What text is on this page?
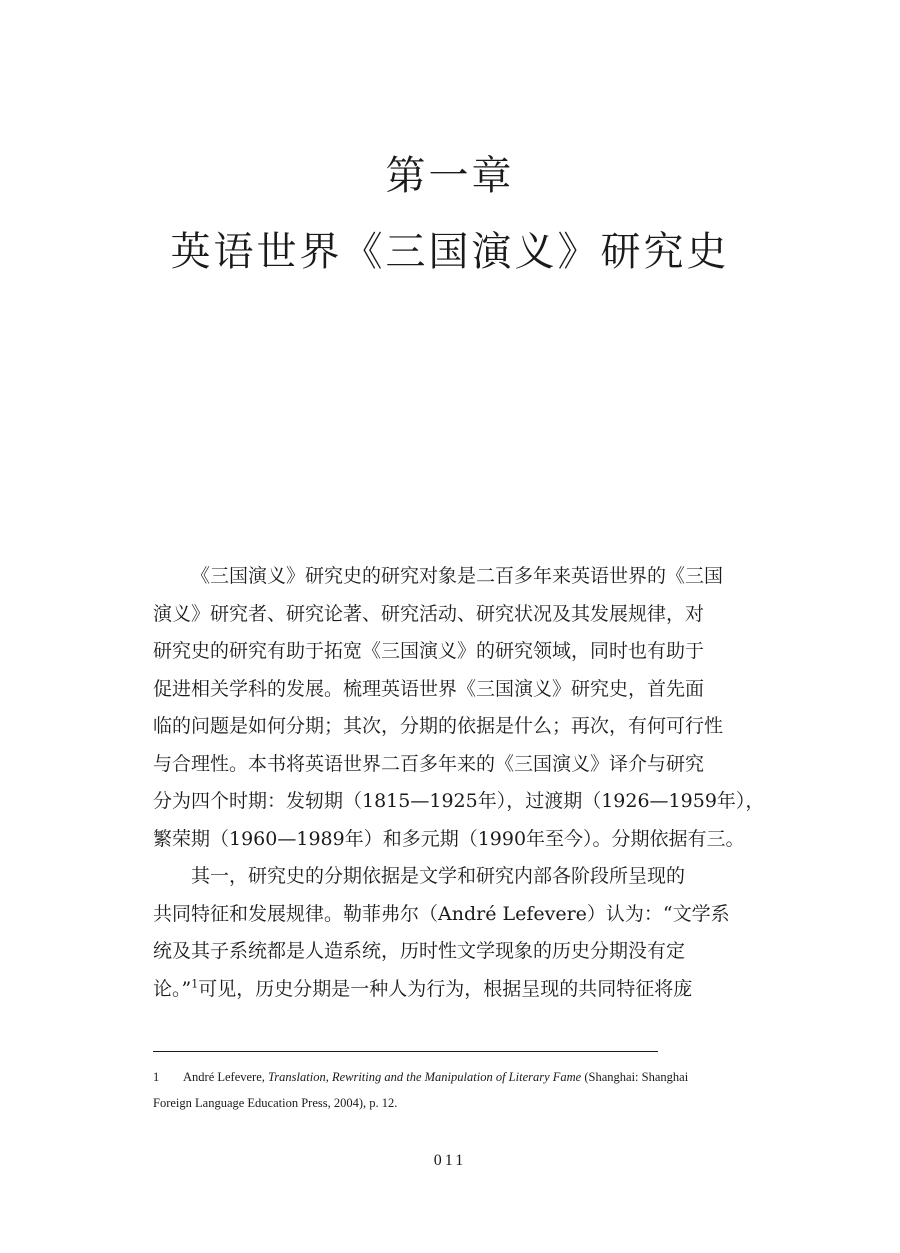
第一章
英语世界《三国演义》研究史
《三国演义》研究史的研究对象是二百多年来英语世界的《三国
演义》研究者、研究论著、研究活动、研究状况及其发展规律，对
研究史的研究有助于拓宽《三国演义》的研究领域，同时也有助于
促进相关学科的发展。梳理英语世界《三国演义》研究史，首先面
临的问题是如何分期；其次，分期的依据是什么；再次，有何可行性
与合理性。本书将英语世界二百多年来的《三国演义》译介与研究
分为四个时期：发轫期（1815—1925年），过渡期（1926—1959年），
繁荣期（1960—1989年）和多元期（1990年至今）。分期依据有三。
其一，研究史的分期依据是文学和研究内部各阶段所呈现的
共同特征和发展规律。勒菲弗尔（André Lefevere）认为：“文学系
统及其子系统都是人造系统，历时性文学现象的历史分期没有定
论。”$^1$可见，历史分期是一种人为行为，根据呈现的共同特征将庞
1 André Lefevere, Translation, Rewriting and the Manipulation of Literary Fame (Shanghai: Shanghai
Foreign Language Education Press, 2004), p. 12.
011
